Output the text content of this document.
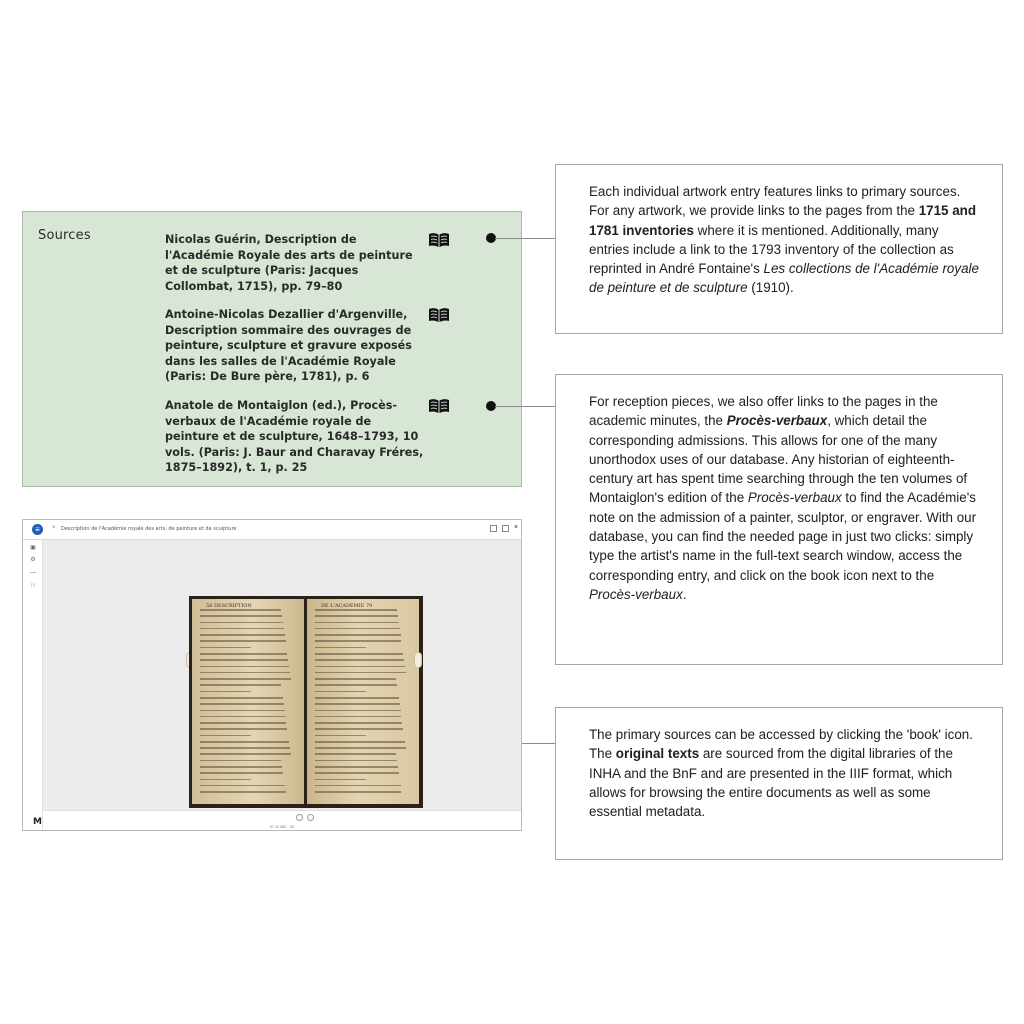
Sources	Nicolas Guérin, Description de l'Académie Royale des arts de peinture et de sculpture (Paris: Jacques Collombat, 1715), pp. 79–80
Antoine-Nicolas Dezallier d'Argenville, Description sommaire des ouvrages de peinture, sculpture et gravure exposés dans les salles de l'Académie Royale (Paris: De Bure père, 1781), p. 6
Anatole de Montaiglon (ed.), Procès-verbaux de l'Académie royale de peinture et de sculpture, 1648–1793, 10 vols. (Paris: J. Baur and Charavay Fréres, 1875–1892), t. 1, p. 25
Each individual artwork entry features links to primary sources. For any artwork, we provide links to the pages from the 1715 and 1781 inventories where it is mentioned. Additionally, many entries include a link to the 1793 inventory of the collection as reprinted in André Fontaine's Les collections de l'Académie royale de peinture et de sculpture (1910).
For reception pieces, we also offer links to the pages in the academic minutes, the Procès-verbaux, which detail the corresponding admissions. This allows for one of the many unorthodox uses of our database. Any historian of eighteenth-century art has spent time searching through the ten volumes of Montaiglon's edition of the Procès-verbaux to find the Académie's note on the admission of a painter, sculptor, or engraver. With our database, you can find the needed page in just two clicks: simply type the artist's name in the full-text search window, access the corresponding entry, and click on the book icon next to the Procès-verbaux.
The primary sources can be accessed by clicking the 'book' icon. The original texts are sourced from the digital libraries of the INHA and the BnF and are presented in the IIIF format, which allows for browsing the entire documents as well as some essential metadata.
≡	× Description de l'Académie royale des arts, de peinture et de sculpture	×
▣
⚙
—
∷
M
58 DESCRIPTION	DE L'ACADEMIE 79
97 of 382 · 33
